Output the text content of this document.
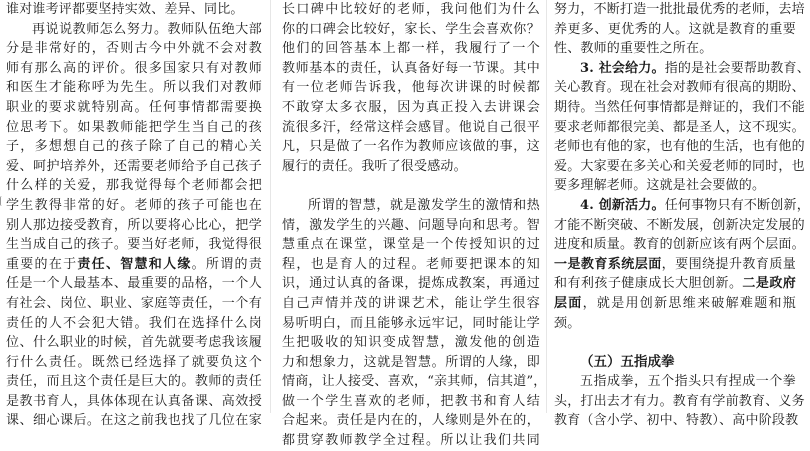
谁对谁考评都要坚持实效、差异、同比。
再说说教师怎么努力。教师队伍绝大部
分是非常好的，否则古今中外就不会对教
师有那么高的评价。很多国家只有对教师
和医生才能称呼为先生。所以我们对教师
职业的要求就特别高。任何事情都需要换
位思考下。如果教师能把学生当自己的孩
子，多想想自己的孩子除了自己的精心关
爱、呵护培养外，还需要老师给予自己孩子
什么样的关爱，那我觉得每个老师都会把
学生教得非常的好。老师的孩子可能也在
别人那边接受教育，所以要将心比心，把学
生当成自己的孩子。要当好老师，我觉得很
重要的在于责任、智慧和人缘。所谓的责
任是一个人最基本、最重要的品格，一个人
有社会、岗位、职业、家庭等责任，一个有
责任的人不会犯大错。我们在选择什么岗
位、什么职业的时候，首先就要考虑我该履
行什么责任。既然已经选择了就要负这个
责任，而且这个责任是巨大的。教师的责任
是教书育人，具体体现在认真备课、高效授
课、细心课后。在这之前我也找了几位在家
长口碑中比较好的老师，我问他们为什么
你的口碑会比较好，家长、学生会喜欢你？
他们的回答基本上都一样，我履行了一个
教师基本的责任，认真备好每一节课。其中
有一位老师告诉我，他每次讲课的时候都
不敢穿太多衣服，因为真正投入去讲课会
流很多汗，经常这样会感冒。他说自己很平
凡，只是做了一名作为教师应该做的事，这
履行的责任。我听了很受感动。
所谓的智慧，就是激发学生的激情和热
情，激发学生的兴趣、问题导向和思考。智
慧重点在课堂，课堂是一个传授知识的过
程，也是育人的过程。老师要把课本的知
识，通过认真的备课，提炼成教案，再通过
自己声情并茂的讲课艺术，能让学生很容
易听明白，而且能够永远牢记，同时能让学
生把吸收的知识变成智慧，激发他的创造
力和想象力，这就是智慧。所谓的人缘，即
情商，让人接受、喜欢，“亲其师，信其道”，
做一个学生喜欢的老师，把教书和育人结
合起来。责任是内在的，人缘则是外在的，
都贯穿教师教学全过程。所以让我们共同
努力，不断打造一批批最优秀的老师，去培
养更多、更优秀的人。这就是教育的重要
性、教师的重要性之所在。
3. 社会给力。指的是社会要帮助教育、
关心教育。现在社会对教师有很高的期盼、
期待。当然任何事情都是辩证的，我们不能
要求老师都很完美、都是圣人，这不现实。
老师也有他的家，也有他的生活，也有他的
爱。大家要在多关心和关爱老师的同时，也
要多理解老师。这就是社会要做的。
4. 创新活力。任何事物只有不断创新，
才能不断突破、不断发展，创新决定发展的
进度和质量。教育的创新应该有两个层面。
一是教育系统层面，要围绕提升教育质量
和有利孩子健康成长大胆创新。二是政府
层面，就是用创新思维来破解难题和瓶
颈。
（五）五指成拳
五指成拳，五个指头只有捏成一个拳
头，打出去才有力。教育有学前教育、义务
教育（含小学、初中、特教）、高中阶段教
